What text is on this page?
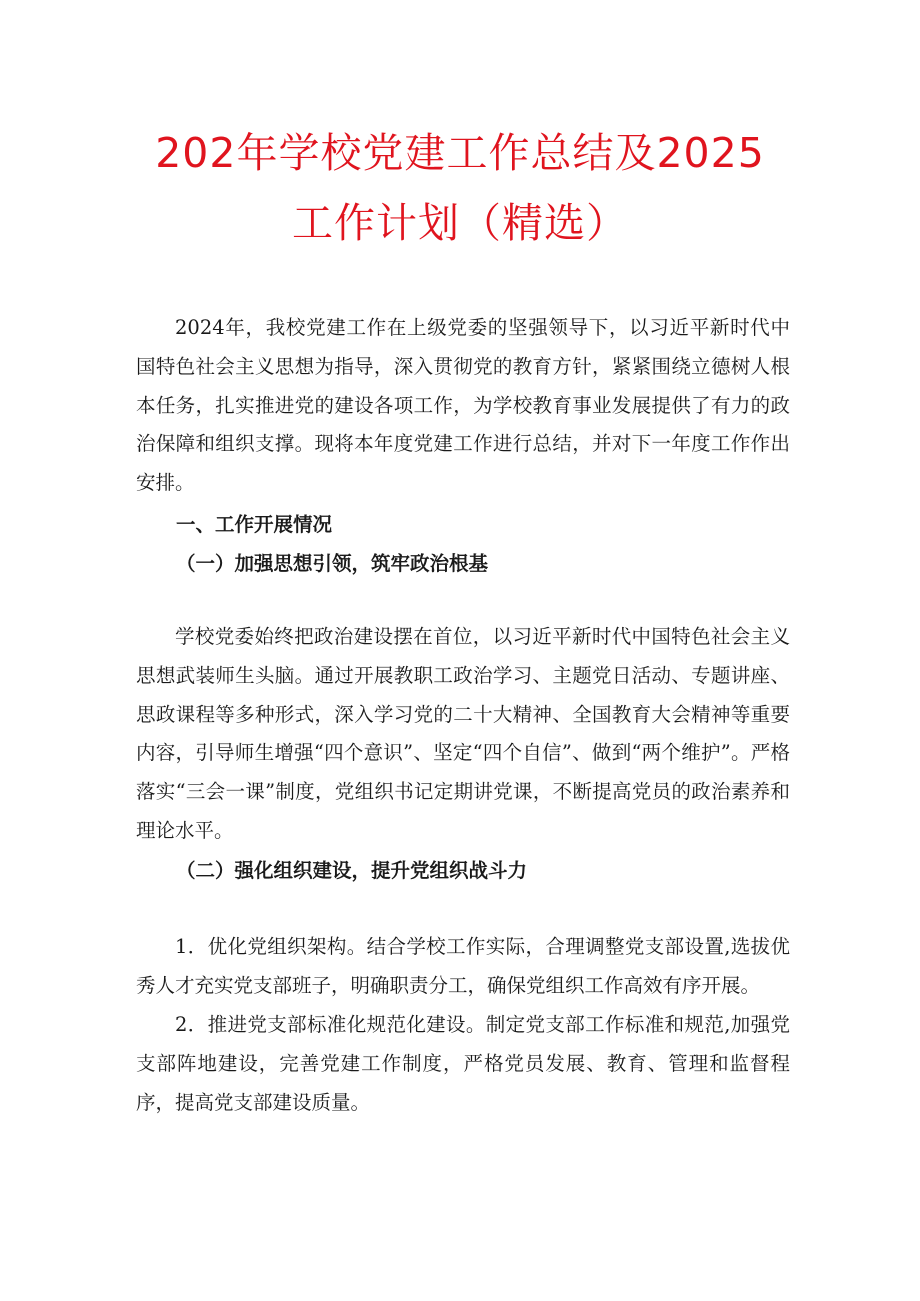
202年学校党建工作总结及2025
工作计划（精选）

2024年，我校党建工作在上级党委的坚强领导下，以习近平新时代中国特色社会主义思想为指导，深入贯彻党的教育方针，紧紧围绕立德树人根本任务，扎实推进党的建设各项工作，为学校教育事业发展提供了有力的政治保障和组织支撑。现将本年度党建工作进行总结，并对下一年度工作作出安排。

一、工作开展情况

（一）加强思想引领，筑牢政治根基

学校党委始终把政治建设摆在首位，以习近平新时代中国特色社会主义思想武装师生头脑。通过开展教职工政治学习、主题党日活动、专题讲座、思政课程等多种形式，深入学习党的二十大精神、全国教育大会精神等重要内容，引导师生增强“四个意识”、坚定“四个自信”、做到“两个维护”。严格落实“三会一课”制度，党组织书记定期讲党课，不断提高党员的政治素养和理论水平。

（二）强化组织建设，提升党组织战斗力

1．优化党组织架构。结合学校工作实际，合理调整党支部设置,选拔优秀人才充实党支部班子，明确职责分工，确保党组织工作高效有序开展。

2．推进党支部标准化规范化建设。制定党支部工作标准和规范,加强党支部阵地建设，完善党建工作制度，严格党员发展、教育、管理和监督程序，提高党支部建设质量。
